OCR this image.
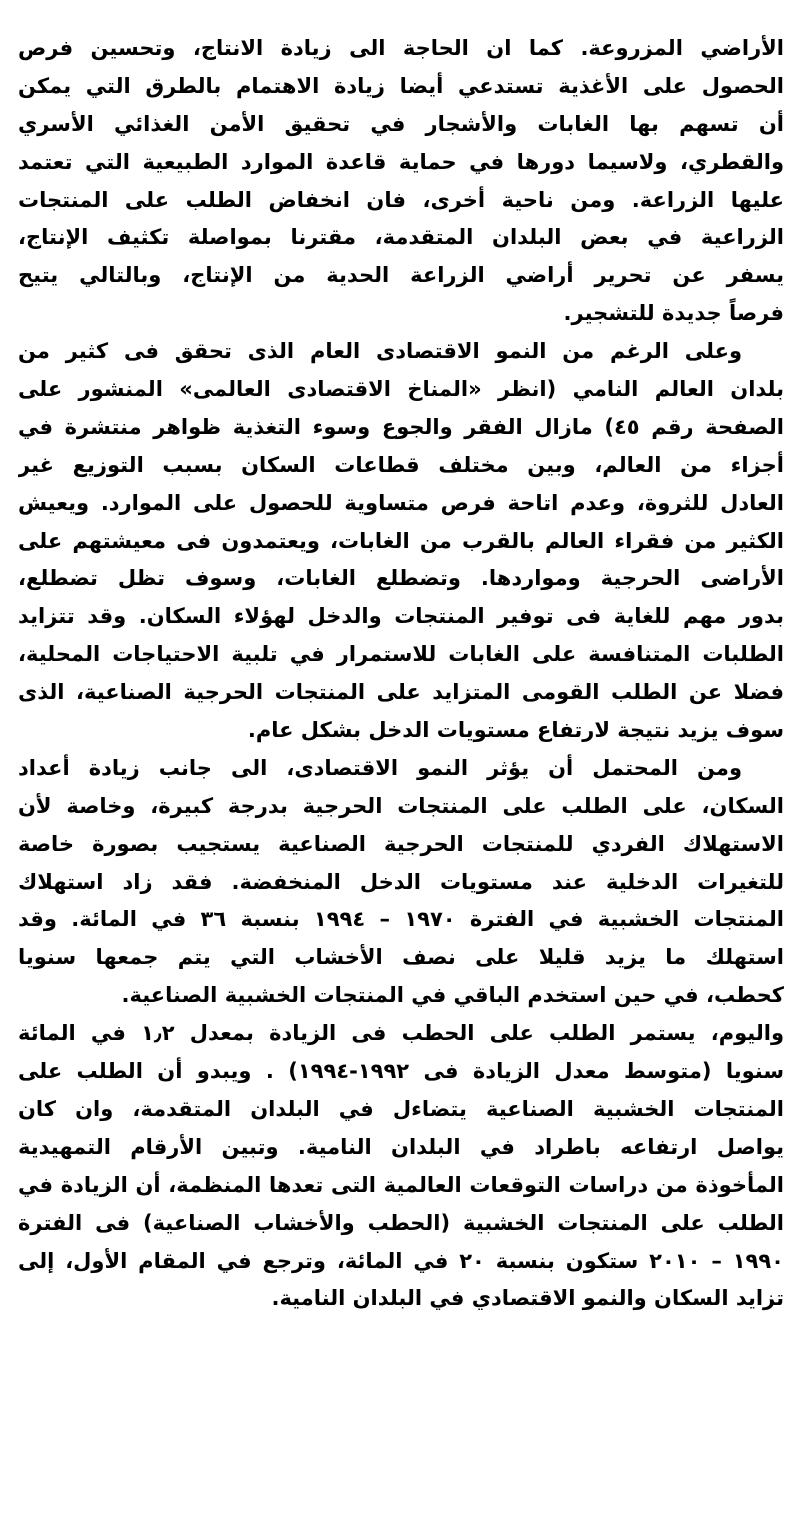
الأراضي المزروعة. كما ان الحاجة الى زيادة الانتاج، وتحسين فرص
الحصول على الأغذية تستدعي أيضا زيادة الاهتمام بالطرق التي يمكن
أن تسهم بها الغابات والأشجار في تحقيق الأمن الغذائي الأسري
والقطري، ولاسيما دورها في حماية قاعدة الموارد الطبيعية التي تعتمد
عليها الزراعة. ومن ناحية أخرى، فان انخفاض الطلب على المنتجات
الزراعية في بعض البلدان المتقدمة، مقترنا بمواصلة تكثيف الإنتاج،
يسفر عن تحرير أراضي الزراعة الحدية من الإنتاج، وبالتالي يتيح
فرصاً جديدة للتشجير.
وعلى الرغم من النمو الاقتصادى العام الذى تحقق فى كثير من
بلدان العالم النامي (انظر «المناخ الاقتصادى العالمى» المنشور على
الصفحة رقم ٤٥) مازال الفقر والجوع وسوء التغذية ظواهر منتشرة في
أجزاء من العالم، وبين مختلف قطاعات السكان بسبب التوزيع غير
العادل للثروة، وعدم اتاحة فرص متساوية للحصول على الموارد. ويعيش
الكثير من فقراء العالم بالقرب من الغابات، ويعتمدون فى معيشتهم على
الأراضى الحرجية ومواردها. وتضطلع الغابات، وسوف تظل تضطلع،
بدور مهم للغاية فى توفير المنتجات والدخل لهؤلاء السكان. وقد تتزايد
الطلبات المتنافسة على الغابات للاستمرار في تلبية الاحتياجات المحلية،
فضلا عن الطلب القومى المتزايد على المنتجات الحرجية الصناعية، الذى
سوف يزيد نتيجة لارتفاع مستويات الدخل بشكل عام.
ومن المحتمل أن يؤثر النمو الاقتصادى، الى جانب زيادة أعداد
السكان، على الطلب على المنتجات الحرجية بدرجة كبيرة، وخاصة لأن
الاستهلاك الفردي للمنتجات الحرجية الصناعية يستجيب بصورة خاصة
للتغيرات الدخلية عند مستويات الدخل المنخفضة. فقد زاد استهلاك
المنتجات الخشبية في الفترة ١٩٧٠ – ١٩٩٤ بنسبة ٣٦ في المائة. وقد
استهلك ما يزيد قليلا على نصف الأخشاب التي يتم جمعها سنويا
كحطب، في حين استخدم الباقي في المنتجات الخشبية الصناعية.
واليوم، يستمر الطلب على الحطب فى الزيادة بمعدل ١٫٢ في المائة
سنويا (متوسط معدل الزيادة فى ١٩٩٢-١٩٩٤) . ويبدو أن الطلب على
المنتجات الخشبية الصناعية يتضاءل في البلدان المتقدمة، وان كان
يواصل ارتفاعه باطراد في البلدان النامية. وتبين الأرقام التمهيدية
المأخوذة من دراسات التوقعات العالمية التى تعدها المنظمة، أن الزيادة في
الطلب على المنتجات الخشبية (الحطب والأخشاب الصناعية) فى الفترة
١٩٩٠ – ٢٠١٠ ستكون بنسبة ٢٠ في المائة، وترجع في المقام الأول، إلى
تزايد السكان والنمو الاقتصادي في البلدان النامية.
